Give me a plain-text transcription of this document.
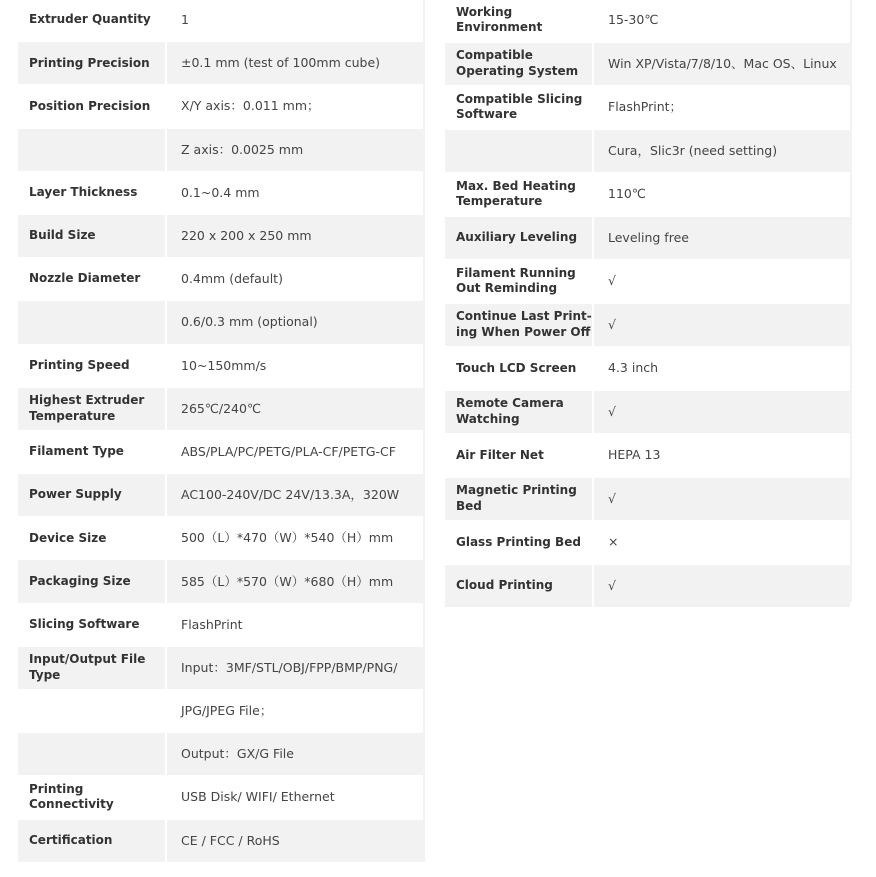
Extruder Quantity	1
Printing Precision	±0.1 mm (test of 100mm cube)
Position Precision	X/Y axis：0.011 mm；
	Z axis：0.0025 mm
Layer Thickness	0.1~0.4 mm
Build Size	220 x 200 x 250 mm
Nozzle Diameter	0.4mm (default)
	0.6/0.3 mm (optional)
Printing Speed	10~150mm/s
Highest Extruder Temperature	265℃/240℃
Filament Type	ABS/PLA/PC/PETG/PLA-CF/PETG-CF
Power Supply	AC100-240V/DC 24V/13.3A，320W
Device Size	500（L）*470（W）*540（H）mm
Packaging Size	585（L）*570（W）*680（H）mm
Slicing Software	FlashPrint
Input/Output File Type	Input：3MF/STL/OBJ/FPP/BMP/PNG/
	JPG/JPEG File；
	Output：GX/G File
Printing Connectivity	USB Disk/ WIFI/ Ethernet
Certification	CE / FCC / RoHS
Working Environment	15-30℃
Compatible Operating System	Win XP/Vista/7/8/10、Mac OS、Linux
Compatible Slicing Software	FlashPrint；
	Cura，Slic3r (need setting)
Max. Bed Heating Temperature	110℃
Auxiliary Leveling	Leveling free
Filament Running Out Reminding	√
Continue Last Print-ing When Power Off	√
Touch LCD Screen	4.3 inch
Remote Camera Watching	√
Air Filter Net	HEPA 13
Magnetic Printing Bed	√
Glass Printing Bed	×
Cloud Printing	√
